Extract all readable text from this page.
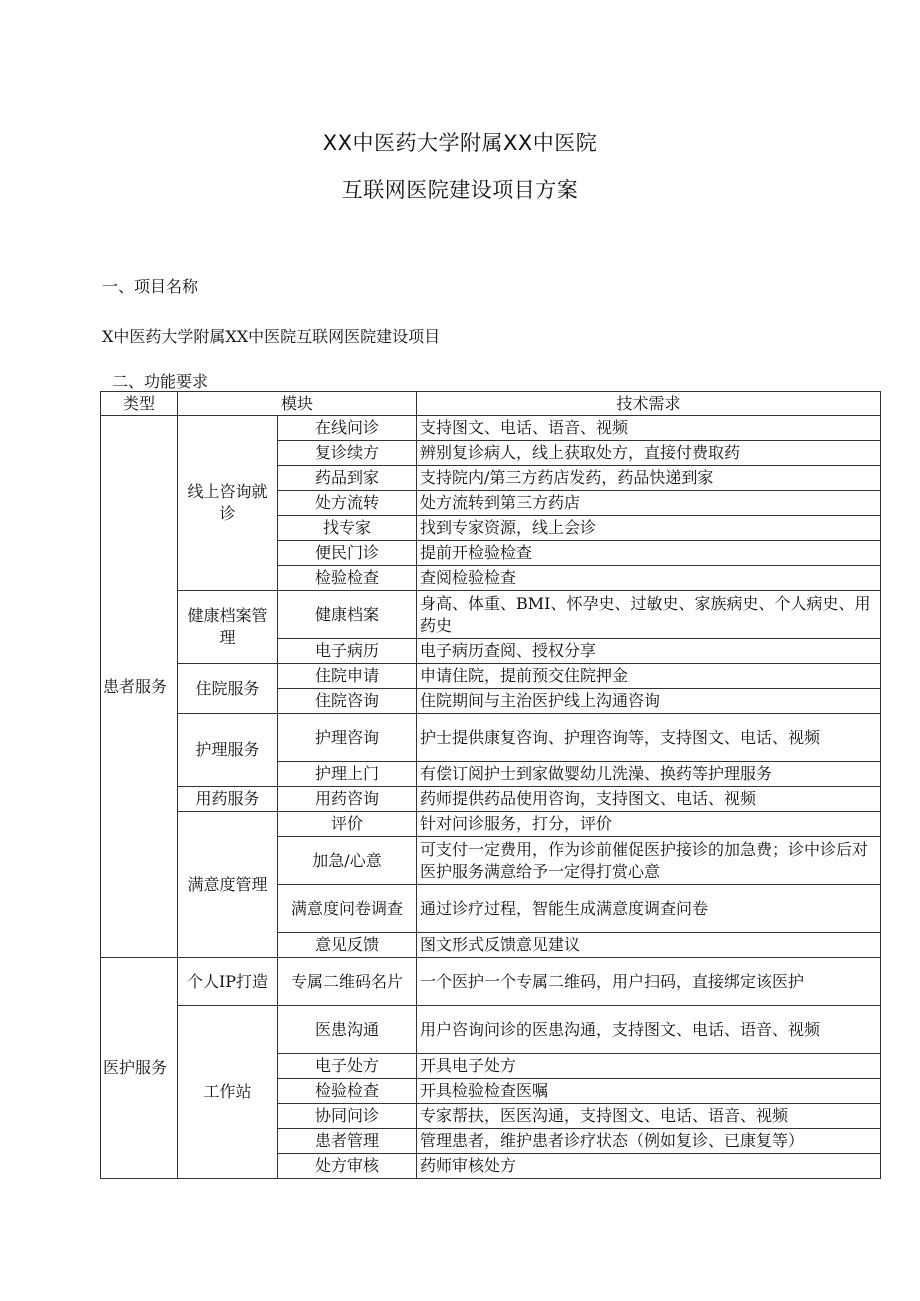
XX中医药大学附属XX中医院
互联网医院建设项目方案
一、项目名称
X中医药大学附属XX中医院互联网医院建设项目
二、功能要求
类型	模块		技术需求
患者服务	线上咨询就诊	在线问诊	支持图文、电话、语音、视频
		复诊续方	辨别复诊病人，线上获取处方，直接付费取药
		药品到家	支持院内/第三方药店发药，药品快递到家
		处方流转	处方流转到第三方药店
		找专家	找到专家资源，线上会诊
		便民门诊	提前开检验检查
		检验检查	查阅检验检查
	健康档案管理	健康档案	身高、体重、BMI、怀孕史、过敏史、家族病史、个人病史、用药史
		电子病历	电子病历查阅、授权分享
	住院服务	住院申请	申请住院，提前预交住院押金
		住院咨询	住院期间与主治医护线上沟通咨询
	护理服务	护理咨询	护士提供康复咨询、护理咨询等，支持图文、电话、视频
		护理上门	有偿订阅护士到家做婴幼儿洗澡、换药等护理服务
	用药服务	用药咨询	药师提供药品使用咨询，支持图文、电话、视频
	满意度管理	评价	针对问诊服务，打分，评价
		加急/心意	可支付一定费用，作为诊前催促医护接诊的加急费；诊中诊后对医护服务满意给予一定得打赏心意
		满意度问卷调查	通过诊疗过程，智能生成满意度调查问卷
		意见反馈	图文形式反馈意见建议
医护服务	个人IP打造	专属二维码名片	一个医护一个专属二维码，用户扫码，直接绑定该医护
	工作站	医患沟通	用户咨询问诊的医患沟通，支持图文、电话、语音、视频
		电子处方	开具电子处方
		检验检查	开具检验检查医嘱
		协同问诊	专家帮扶，医医沟通，支持图文、电话、语音、视频
		患者管理	管理患者，维护患者诊疗状态（例如复诊、已康复等）
		处方审核	药师审核处方
